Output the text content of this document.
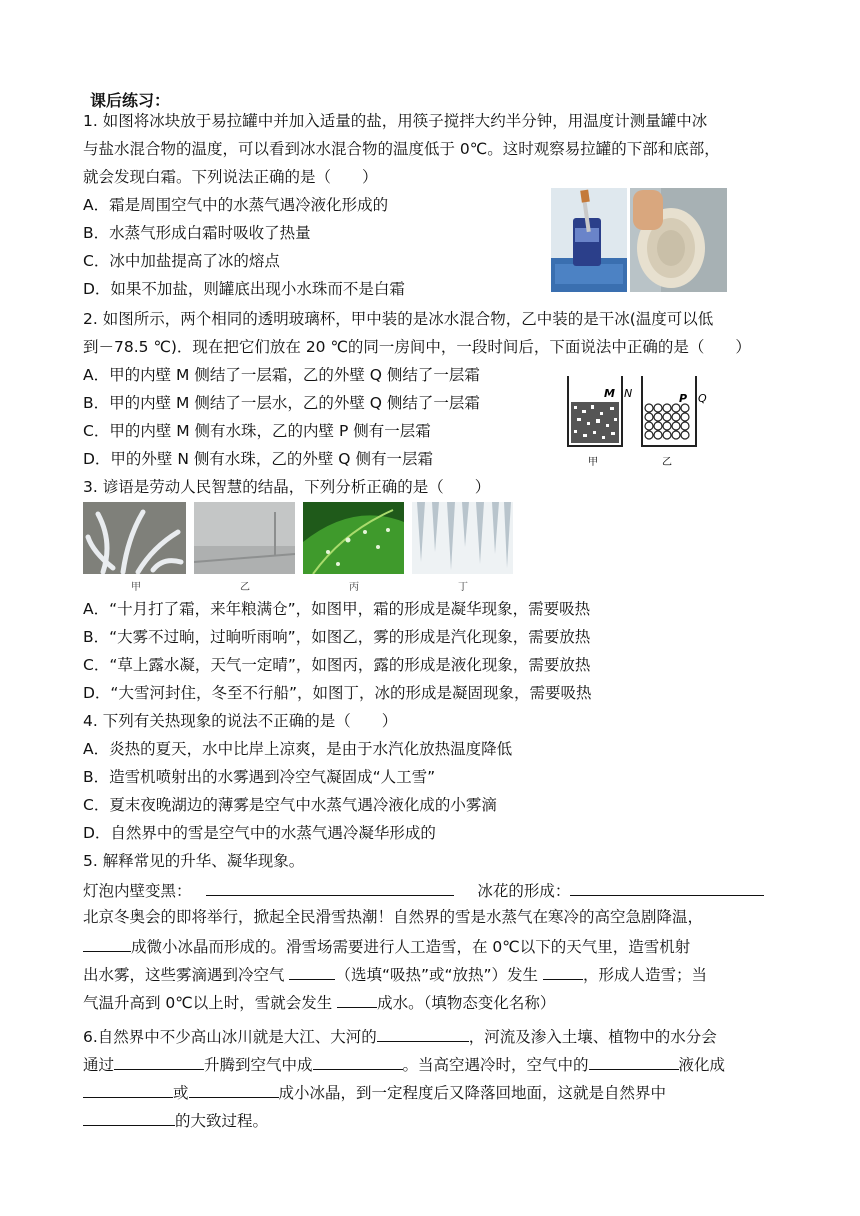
课后练习：
1. 如图将冰块放于易拉罐中并加入适量的盐，用筷子搅拌大约半分钟，用温度计测量罐中冰
与盐水混合物的温度，可以看到冰水混合物的温度低于 0℃。这时观察易拉罐的下部和底部，
就会发现白霜。下列说法正确的是（　　）
A．霜是周围空气中的水蒸气遇冷液化形成的
B．水蒸气形成白霜时吸收了热量
C．冰中加盐提高了冰的熔点
D．如果不加盐，则罐底出现小水珠而不是白霜
2. 如图所示，两个相同的透明玻璃杯，甲中装的是冰水混合物，乙中装的是干冰(温度可以低
到－78.5 ℃)．现在把它们放在 20 ℃的同一房间中，一段时间后，下面说法中正确的是（　　）
A．甲的内壁 M 侧结了一层霜，乙的外壁 Q 侧结了一层霜
B．甲的内壁 M 侧结了一层水，乙的外壁 Q 侧结了一层霜
C．甲的内壁 M 侧有水珠，乙的内壁 P 侧有一层霜
D．甲的外壁 N 侧有水珠，乙的外壁 Q 侧有一层霜
M N	P Q
甲	乙
3. 谚语是劳动人民智慧的结晶，下列分析正确的是（　　）
甲	乙	丙	丁
A．“十月打了霜，来年粮满仓”，如图甲，霜的形成是凝华现象，需要吸热
B．“大雾不过晌，过晌听雨响”，如图乙，雾的形成是汽化现象，需要放热
C．“草上露水凝，天气一定晴”，如图丙，露的形成是液化现象，需要放热
D．“大雪河封住，冬至不行船”，如图丁，冰的形成是凝固现象，需要吸热
4. 下列有关热现象的说法不正确的是（　　）
A．炎热的夏天，水中比岸上凉爽，是由于水汽化放热温度降低
B．造雪机喷射出的水雾遇到冷空气凝固成“人工雪”
C．夏末夜晚湖边的薄雾是空气中水蒸气遇冷液化成的小雾滴
D．自然界中的雪是空气中的水蒸气遇冷凝华形成的
5. 解释常见的升华、凝华现象。
灯泡内壁变黑：	冰花的形成：
北京冬奥会的即将举行，掀起全民滑雪热潮！自然界的雪是水蒸气在寒冷的高空急剧降温，
成微小冰晶而形成的。滑雪场需要进行人工造雪，在 0℃以下的天气里，造雪机射
出水雾，这些雾滴遇到冷空气	（选填“吸热”或“放热”）发生	，形成人造雪；当
气温升高到 0℃以上时，雪就会发生	成水。（填物态变化名称）
6.自然界中不少高山冰川就是大江、大河的	，河流及渗入土壤、植物中的水分会
通过	升腾到空气中成	。当高空遇冷时，空气中的	液化成
或	成小冰晶，到一定程度后又降落回地面，这就是自然界中
的大致过程。
